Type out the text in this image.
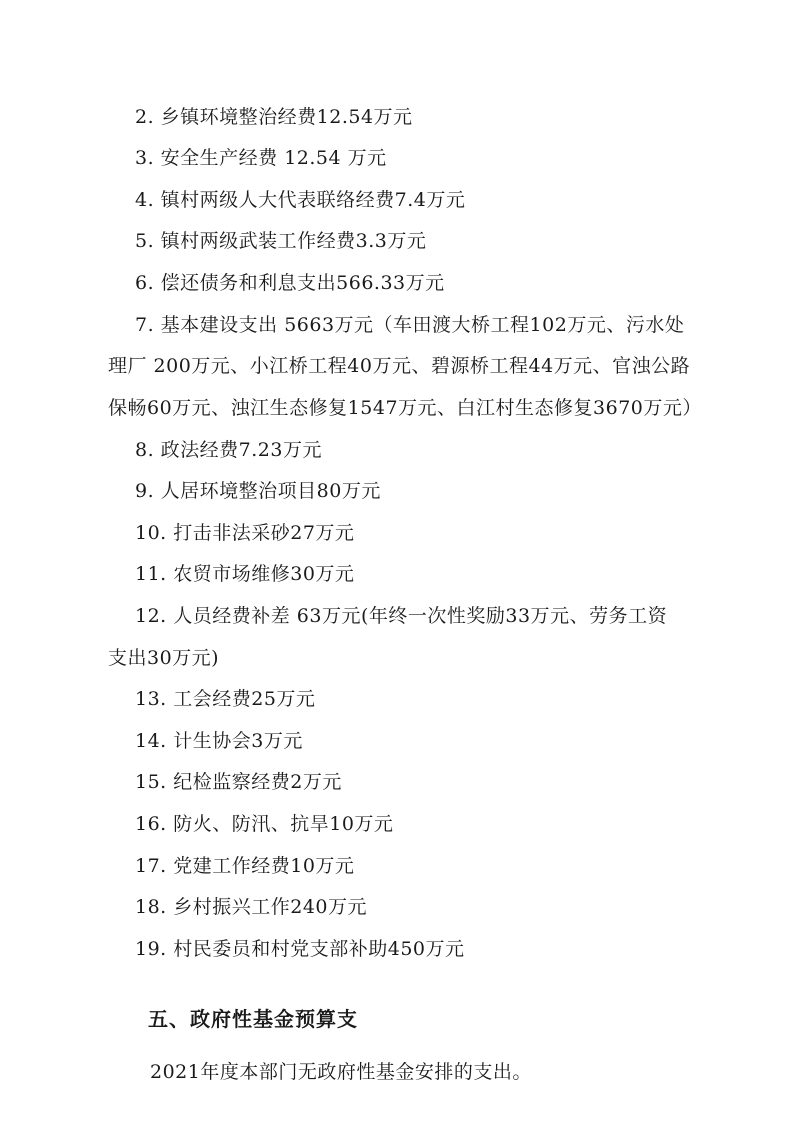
2. 乡镇环境整治经费12.54万元
3. 安全生产经费 12.54 万元
4. 镇村两级人大代表联络经费7.4万元
5. 镇村两级武装工作经费3.3万元
6. 偿还债务和利息支出566.33万元
7. 基本建设支出 5663万元（车田渡大桥工程102万元、污水处
理厂 200万元、小江桥工程40万元、碧源桥工程44万元、官浊公路
保畅60万元、浊江生态修复1547万元、白江村生态修复3670万元）
8. 政法经费7.23万元
9. 人居环境整治项目80万元
10. 打击非法采砂27万元
11. 农贸市场维修30万元
12. 人员经费补差 63万元(年终一次性奖励33万元、劳务工资
支出30万元)
13. 工会经费25万元
14. 计生协会3万元
15. 纪检监察经费2万元
16. 防火、防汛、抗旱10万元
17. 党建工作经费10万元
18. 乡村振兴工作240万元
19. 村民委员和村党支部补助450万元
五、政府性基金预算支
2021年度本部门无政府性基金安排的支出。
